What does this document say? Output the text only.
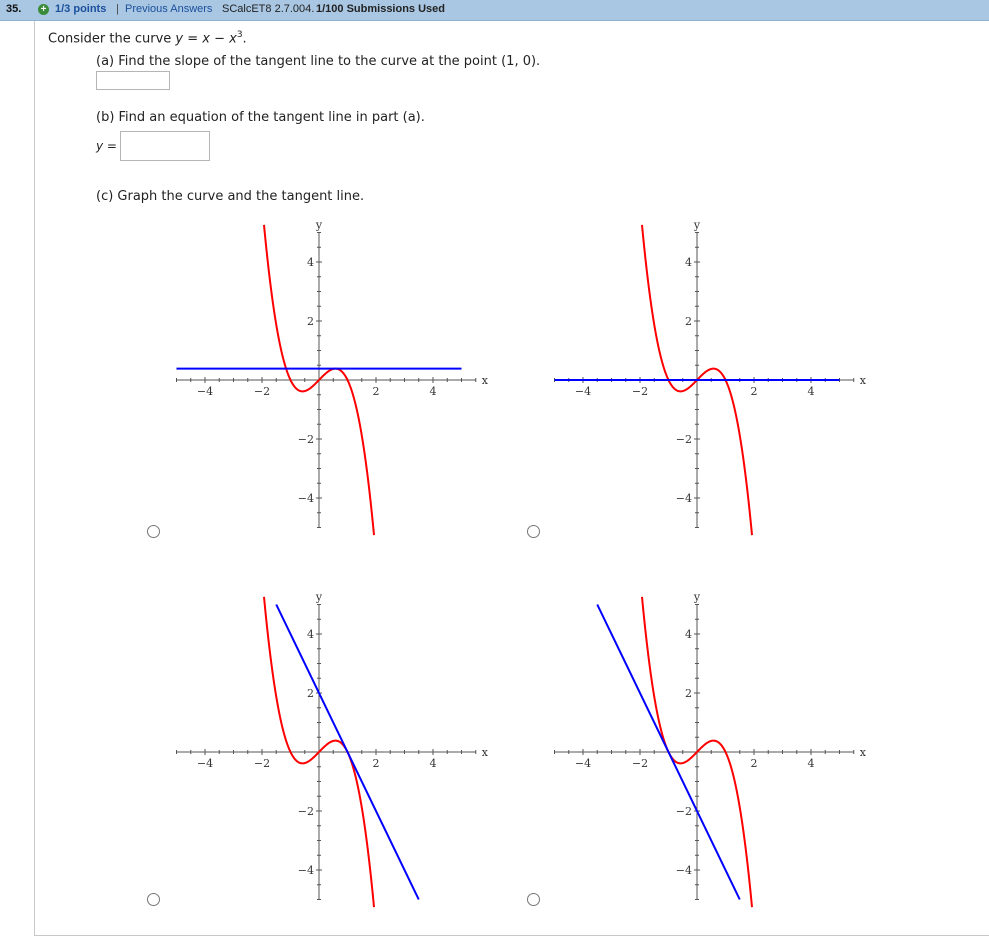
35. + 1/3 points | Previous Answers SCalcET8 2.7.004. 1/100 Submissions Used
Consider the curve $y = x - x^3$.
(a) Find the slope of the tangent line to the curve at the point (1, 0).
(b) Find an equation of the tangent line in part (a).
y =
(c) Graph the curve and the tangent line.
−4	−2	2	4
4
2
−2
−4
x
y
−4	−2	2	4
4
2
−2
−4
x
y
−4	−2	2	4
4
2
−2
−4
x
y
−4	−2	2	4
4
2
−2
−4
x
y
